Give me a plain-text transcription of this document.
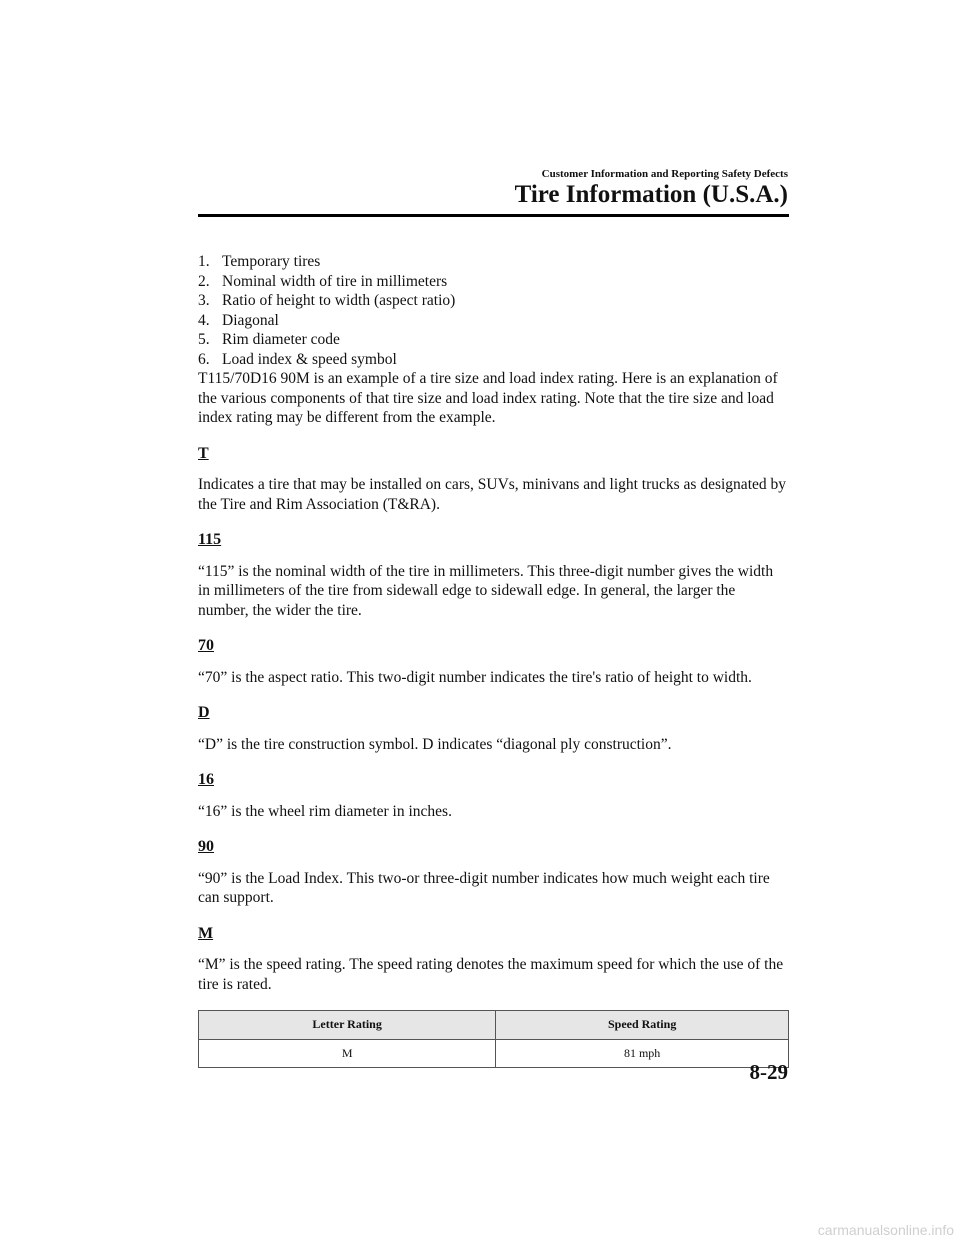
Customer Information and Reporting Safety Defects
Tire Information (U.S.A.)
1. Temporary tires
2. Nominal width of tire in millimeters
3. Ratio of height to width (aspect ratio)
4. Diagonal
5. Rim diameter code
6. Load index & speed symbol

T115/70D16 90M is an example of a tire size and load index rating. Here is an explanation of the various components of that tire size and load index rating. Note that the tire size and load index rating may be different from the example.

T

Indicates a tire that may be installed on cars, SUVs, minivans and light trucks as designated by the Tire and Rim Association (T&RA).

115

“115” is the nominal width of the tire in millimeters. This three-digit number gives the width in millimeters of the tire from sidewall edge to sidewall edge. In general, the larger the number, the wider the tire.

70

“70” is the aspect ratio. This two-digit number indicates the tire's ratio of height to width.

D

“D” is the tire construction symbol. D indicates “diagonal ply construction”.

16

“16” is the wheel rim diameter in inches.

90

“90” is the Load Index. This two-or three-digit number indicates how much weight each tire can support.

M

“M” is the speed rating. The speed rating denotes the maximum speed for which the use of the tire is rated.

Letter Rating	Speed Rating
M	81 mph
8-29
carmanualsonline.info
